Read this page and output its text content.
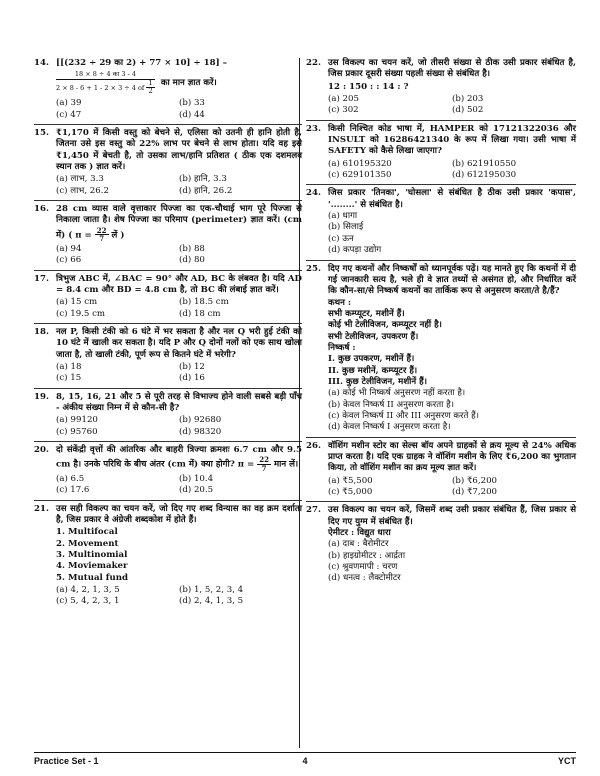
14. [[(232 ÷ 29 का 2) + 77 × 10] ÷ 18] –
18 × 8 ÷ 4 का 3 - 4
2 × 8 - 6 + 1 - 2 × 3 ÷ 4 of $\frac{1}{2}$ का मान ज्ञात करें।
(a) 39	(b) 33
(c) 47	(d) 44
15. ₹1,170 में किसी वस्तु को बेचने से, एलिसा को उतनी ही हानि होती है, जितना उसे इस वस्तु को 22% लाभ पर बेचने से लाभ होता। यदि वह इसे ₹1,450 में बेचती है, तो उसका लाभ/हानि प्रतिशत ( ठीक एक दशमलव स्थान तक ) ज्ञात करें।
(a) लाभ, 3.3	(b) हानि, 3.3
(c) लाभ, 26.2	(d) हानि, 26.2
16. 28 cm व्यास वाले वृत्ताकार पिज्जा का एक-चौथाई भाग पूरे पिज्जा से निकाला जाता है। शेष पिज्जा का परिमाप (perimeter) ज्ञात करें। (cm में) ( $\pi = \frac{22}{7}$ लें )
(a) 94	(b) 88
(c) 66	(d) 80
17. त्रिभुज ABC में, ∠BAC = 90° और AD, BC के लंबवत है। यदि AD = 8.4 cm और BD = 4.8 cm है, तो BC की लंबाई ज्ञात करें।
(a) 15 cm	(b) 18.5 cm
(c) 19.5 cm	(d) 18 cm
18. नल P, किसी टंकी को 6 घंटे में भर सकता है और नल Q भरी हुई टंकी को 10 घंटे में खाली कर सकता है। यदि P और Q दोनों नलों को एक साथ खोला जाता है, तो खाली टंकी, पूर्ण रूप से कितने घंटे में भरेगी?
(a) 18	(b) 12
(c) 15	(d) 16
19. 8, 15, 16, 21 और 5 से पूरी तरह से विभाज्य होने वाली सबसे बड़ी पाँच - अंकीय संख्या निम्न में से कौन-सी है?
(a) 99120	(b) 92680
(c) 95760	(d) 98320
20. दो संकेंद्री वृत्तों की आंतरिक और बाहरी त्रिज्या क्रमशः 6.7 cm और 9.5 cm है। उनके परिधि के बीच अंतर (cm में) क्या होगी? $\pi = \frac{22}{7}$ मान लें।
(a) 6.5	(b) 10.4
(c) 17.6	(d) 20.5
21. उस सही विकल्प का चयन करें, जो दिए गए शब्द विन्यास का वह क्रम दर्शाता है, जिस प्रकार वे अंग्रेजी शब्दकोश में होते हैं।
1. Multifocal
2. Movement
3. Multinomial
4. Moviemaker
5. Mutual fund
(a) 4, 2, 1, 3, 5	(b) 1, 5, 2, 3, 4
(c) 5, 4, 2, 3, 1	(d) 2, 4, 1, 3, 5
22. उस विकल्प का चयन करें, जो तीसरी संख्या से ठीक उसी प्रकार संबंधित है, जिस प्रकार दूसरी संख्या पहली संख्या से संबंधित है।
12 : 150 : : 14 : ?
(a) 205	(b) 203
(c) 302	(d) 502
23. किसी निश्चित कोड भाषा में, HAMPER को 17121322036 और INSULT को 16286421340 के रूप में लिखा गया। उसी भाषा में SAFETY को कैसे लिखा जाएगा?
(a) 610195320	(b) 621910550
(c) 629101350	(d) 612195030
24. जिस प्रकार 'तिनका', 'घोसला' से संबंधित है ठीक उसी प्रकार 'कपास', '........' से संबंधित है।
(a) धागा
(b) सिलाई
(c) ऊन
(d) कपड़ा उद्योग
25. दिए गए कथनों और निष्कर्षों को ध्यानपूर्वक पढ़ें। यह मानते हुए कि कथनों में दी गई जानकारी सत्य है, भले ही वे ज्ञात तथ्यों से असंगत हो, और निर्धारित करें कि कौन-सा/से निष्कर्ष कथनों का तार्किक रूप से अनुसरण करता/ते है/हैं?
कथन :
सभी कम्प्यूटर, मशीनें हैं।
कोई भी टेलीविजन, कम्प्यूटर नहीं है।
सभी टेलीविजन, उपकरण हैं।
निष्कर्ष :
I. कुछ उपकरण, मशीनें हैं।
II. कुछ मशीनें, कम्प्यूटर हैं।
III. कुछ टेलीविजन, मशीनें हैं।
(a) कोई भी निष्कर्ष अनुसरण नहीं करता है।
(b) केवल निष्कर्ष II अनुसरण करता है।
(c) केवल निष्कर्ष II और III अनुसरण करते हैं।
(d) केवल निष्कर्ष I अनुसरण करता है।
26. वॉशिंग मशीन स्टोर का सेल्स बॉय अपने ग्राहकों से क्रय मूल्य से 24% अधिक प्राप्त करता है। यदि एक ग्राहक ने वॉशिंग मशीन के लिए ₹6,200 का भुगतान किया, तो वॉशिंग मशीन का क्रय मूल्य ज्ञात करें।
(a) ₹5,500	(b) ₹6,200
(c) ₹5,000	(d) ₹7,200
27. उस विकल्प का चयन करें, जिसमें शब्द उसी प्रकार संबंधित हैं, जिस प्रकार से दिए गए युग्म में संबंधित हैं।
ऐमीटर : विद्युत धारा
(a) दाब : बैरोमीटर
(b) हाइग्रोमीटर : आर्द्रता
(c) श्रुवणमापी : चरण
(d) धनत्व : लैक्टोमीटर
Practice Set - 1	4	YCT
